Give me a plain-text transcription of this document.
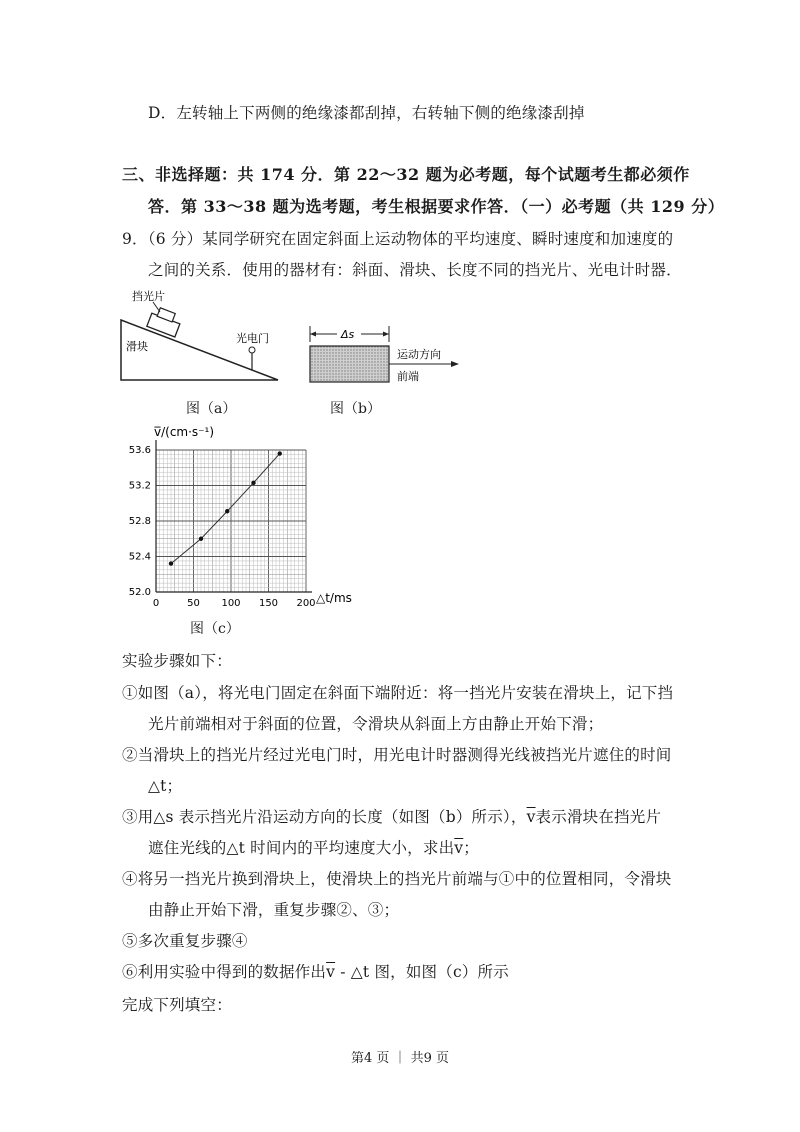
D．左转轴上下两侧的绝缘漆都刮掉，右转轴下侧的绝缘漆刮掉
三、非选择题：共 174 分．第 22～32 题为必考题，每个试题考生都必须作
答．第 33～38 题为选考题，考生根据要求作答．（一）必考题（共 129 分）
9．（6 分）某同学研究在固定斜面上运动物体的平均速度、瞬时速度和加速度的
之间的关系．使用的器材有：斜面、滑块、长度不同的挡光片、光电计时器．
挡光片
滑块
光电门
图（a）
Δs
运动方向
前端
图（b）
0	50 100 150 200
52.0
52.4
52.8
53.2
53.6
△t/ms
v̅/(cm·s⁻¹)
图（c）
实验步骤如下：
①如图（a），将光电门固定在斜面下端附近：将一挡光片安装在滑块上，记下挡
光片前端相对于斜面的位置，令滑块从斜面上方由静止开始下滑；
②当滑块上的挡光片经过光电门时，用光电计时器测得光线被挡光片遮住的时间
△t；
③用△s 表示挡光片沿运动方向的长度（如图（b）所示），$\overline{v}$表示滑块在挡光片
遮住光线的△t 时间内的平均速度大小，求出$\overline{v}$；
④将另一挡光片换到滑块上，使滑块上的挡光片前端与①中的位置相同，令滑块
由静止开始下滑，重复步骤②、③；
⑤多次重复步骤④
⑥利用实验中得到的数据作出$\overline{v}$ - △t 图，如图（c）所示
完成下列填空：
第4 页 ｜ 共9 页
